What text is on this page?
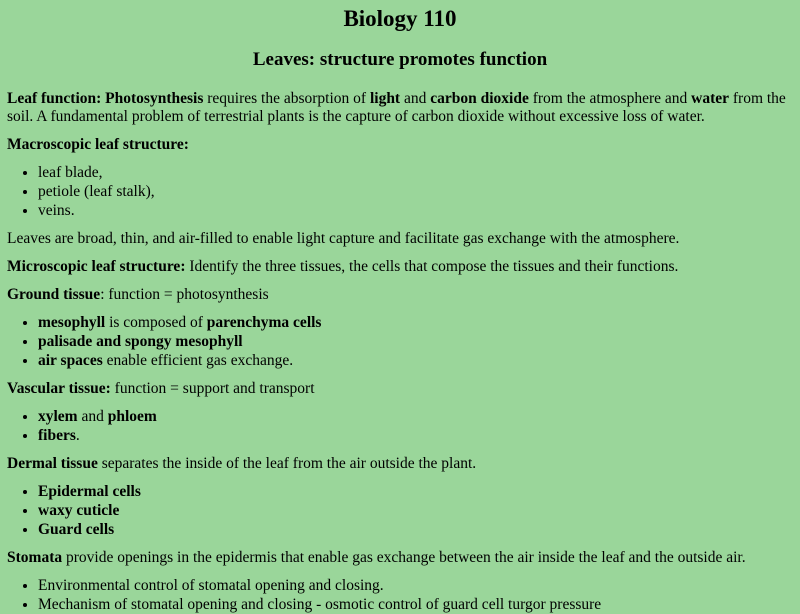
Biology 110
Leaves: structure promotes function

Leaf function: Photosynthesis requires the absorption of light and carbon dioxide from the atmosphere and water from the soil. A fundamental problem of terrestrial plants is the capture of carbon dioxide without excessive loss of water.

Macroscopic leaf structure:

• leaf blade,
• petiole (leaf stalk),
• veins.

Leaves are broad, thin, and air-filled to enable light capture and facilitate gas exchange with the atmosphere.

Microscopic leaf structure: Identify the three tissues, the cells that compose the tissues and their functions.

Ground tissue: function = photosynthesis

• mesophyll is composed of parenchyma cells
• palisade and spongy mesophyll
• air spaces enable efficient gas exchange.

Vascular tissue: function = support and transport

• xylem and phloem
• fibers.

Dermal tissue separates the inside of the leaf from the air outside the plant.

• Epidermal cells
• waxy cuticle
• Guard cells

Stomata provide openings in the epidermis that enable gas exchange between the air inside the leaf and the outside air.

• Environmental control of stomatal opening and closing.
• Mechanism of stomatal opening and closing - osmotic control of guard cell turgor pressure
